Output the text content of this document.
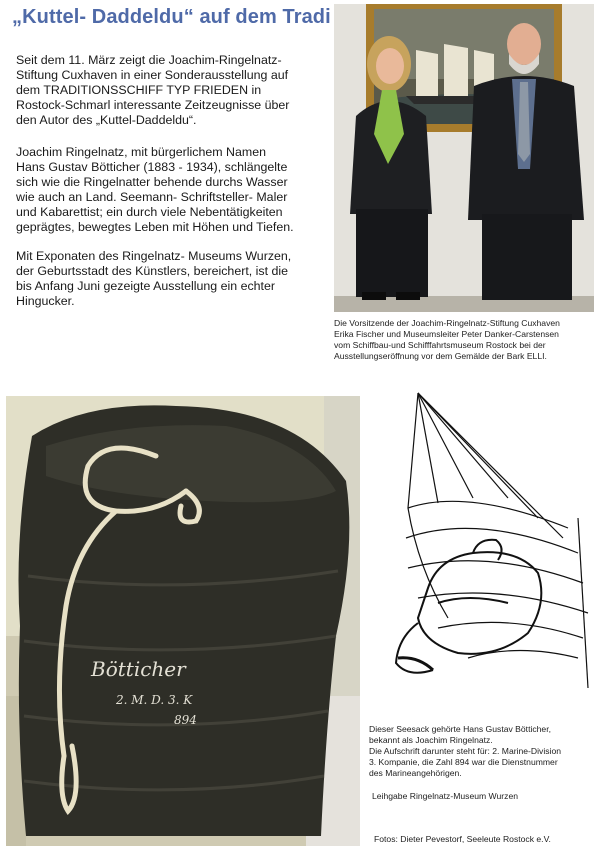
„Kuttel- Daddeldu“ auf dem Tradi

Seit dem 11. März zeigt die Joachim-Ringelnatz-

Stiftung Cuxhaven in einer Sonderausstellung auf

dem TRADITIONSSCHIFF TYP FRIEDEN in

Rostock-Schmarl interessante Zeitzeugnisse über

den Autor des „Kuttel-Daddeldu“.

Joachim Ringelnatz, mit bürgerlichem Namen

Hans Gustav Bötticher (1883 - 1934), schlängelte

sich wie die Ringelnatter behende durchs Wasser

wie auch an Land. Seemann- Schriftsteller- Maler

und Kabarettist; ein durch viele Nebentätigkeiten

geprägtes, bewegtes Leben mit Höhen und Tiefen.

Mit Exponaten des Ringelnatz- Museums Wurzen,

der Geburtsstadt des Künstlers, bereichert, ist die

bis Anfang Juni gezeigte Ausstellung ein echter

Hingucker.

Die Vorsitzende der Joachim-Ringelnatz-Stiftung Cuxhaven
Erika Fischer und Museumsleiter Peter Danker-Carstensen
vom Schiffbau-und Schifffahrtsmuseum Rostock bei der
Ausstellungseröffnung vor dem Gemälde der Bark ELLI.
Bötticher
2. M. D. 3. K
894
Dieser Seesack gehörte Hans Gustav Bötticher,
bekannt als Joachim Ringelnatz.
Die Aufschrift darunter steht für: 2. Marine-Division
3. Kompanie, die Zahl 894 war die Dienstnummer
des Marineangehörigen.
Leihgabe Ringelnatz-Museum Wurzen
Fotos: Dieter Pevestorf, Seeleute Rostock e.V.
